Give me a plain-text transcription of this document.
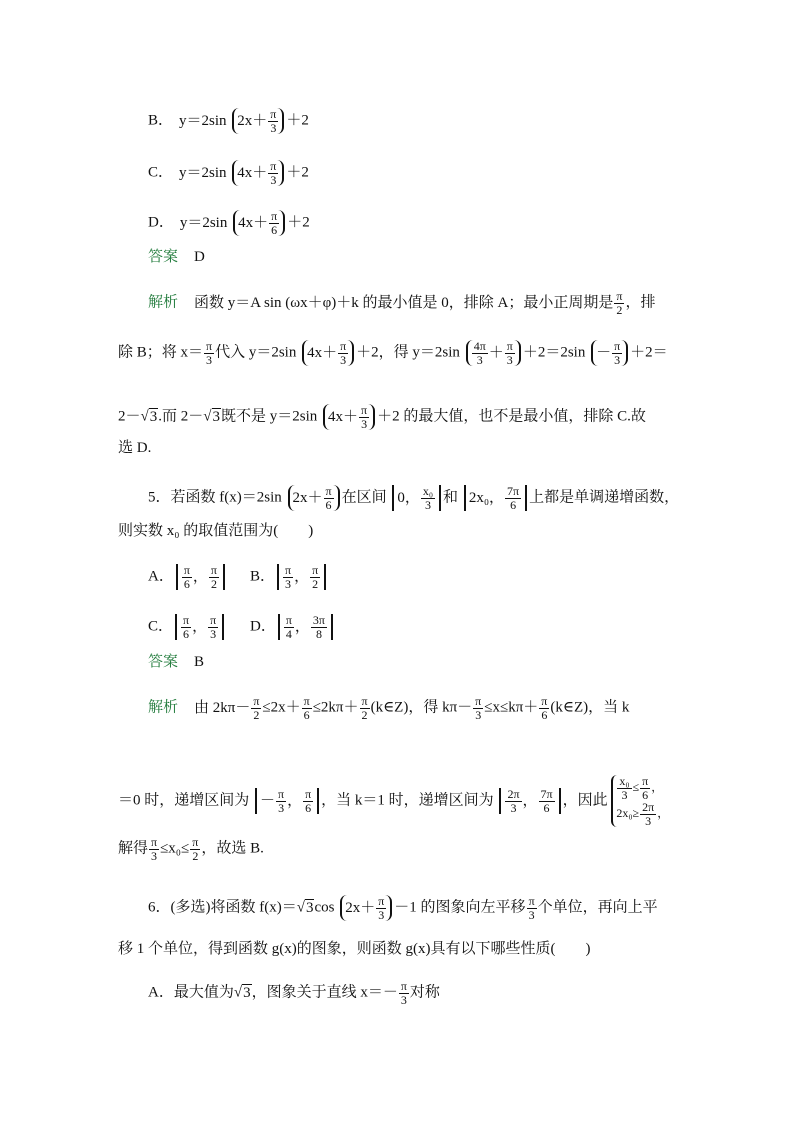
B． y＝2sin $2x+ \frac{\pi}{3} +2$
C． y＝2sin $4x+ \frac{\pi}{3} +2$
D． y＝2sin $4x+ \frac{\pi}{6} +2$
答案 D
解析 函数 y＝A sin (ωx＋φ)＋k 的最小值是 0，排除 A；最小正周期是 $\frac{\pi}{2}$ ，排
除 B；将 $x= \frac{\pi}{3}$ 代入 y＝2sin $4x+ \frac{\pi}{3} +2$，得 $y=2\sin \frac{4\pi}{3} + \frac{\pi}{3} +2=2\sin - \frac{\pi}{3} +2=$
2－√3.而 2－√3既不是 y＝2sin $4x+ \frac{\pi}{3} +2$ 的最大值，也不是最小值，排除 C.故
选 D.
5．若函数 f(x)＝2sin $2x+ \frac{\pi}{6}$ 在区间 0， $\frac{\text{x₀}}{3}$ 和 2x₀， $\frac{7\pi}{6}$ 上都是单调递增函数，
则实数 x₀ 的取值范围为(　　)
A． $\frac{\pi}{6}$ ， $\frac{\pi}{2}$ B． $\frac{\pi}{3}$ ， $\frac{\pi}{2}$
C． $\frac{\pi}{6}$ ， $\frac{\pi}{3}$ D． $\frac{\pi}{4}$ ， $\frac{3\pi}{8}$
答案 B
解析 由 $2k\pi- \frac{\pi}{2} \le 2x+ \frac{\pi}{6} \le 2k\pi+ \frac{\pi}{2}$ (k∈Z)，得 $k\pi- \frac{\pi}{3} \le x\le k\pi+ \frac{\pi}{6}$ (k∈Z)，当 k
＝0 时，递增区间为 － $\frac{\pi}{3}$ ， $\frac{\pi}{6}$ ，当 k＝1 时，递增区间为 $\frac{2\pi}{3}$ ， $\frac{7\pi}{6}$ ，因此 $\frac{\text{x₀}}{3} \le \frac{\pi}{6}$ ，
$2x_0\ge \frac{2\pi}{3}$ ，
解得 $\frac{\pi}{3} \le x_0\le \frac{\pi}{2}$ ，故选 B.
6．(多选)将函数 f(x)＝√3cos $2x+ \frac{\pi}{3} -1$ 的图象向左平移 $\frac{\pi}{3}$ 个单位，再向上平
移 1 个单位，得到函数 g(x)的图象，则函数 g(x)具有以下哪些性质(　　)
A．最大值为√3，图象关于直线 $x=- \frac{\pi}{3}$ 对称
